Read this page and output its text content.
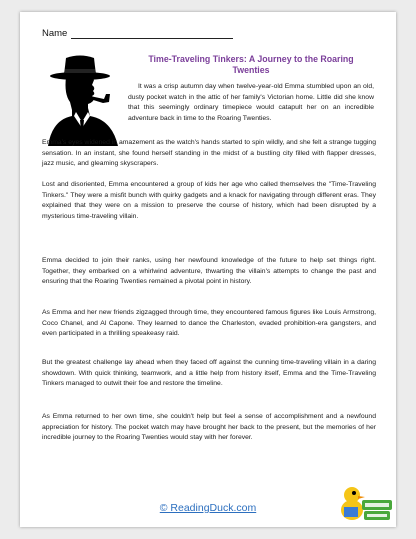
Name
Time-Traveling Tinkers: A Journey to the Roaring
Twenties

It was a crisp autumn day when twelve-year-old Emma stumbled upon an old, dusty pocket watch in the attic of her family's Victorian home. Little did she know that this seemingly ordinary timepiece would catapult her on an incredible adventure back in time to the Roaring Twenties.

Emma's eyes widened in amazement as the watch's hands started to spin wildly, and she felt a strange tugging sensation. In an instant, she found herself standing in the midst of a bustling city filled with flapper dresses, jazz music, and gleaming skyscrapers.

Lost and disoriented, Emma encountered a group of kids her age who called themselves the "Time-Traveling Tinkers." They were a misfit bunch with quirky gadgets and a knack for navigating through different eras. They explained that they were on a mission to preserve the course of history, which had been disrupted by a mysterious time-traveling villain.

Emma decided to join their ranks, using her newfound knowledge of the future to help set things right. Together, they embarked on a whirlwind adventure, thwarting the villain's attempts to change the past and ensuring that the Roaring Twenties remained a pivotal point in history.

As Emma and her new friends zigzagged through time, they encountered famous figures like Louis Armstrong, Coco Chanel, and Al Capone. They learned to dance the Charleston, evaded prohibition-era gangsters, and even participated in a thrilling speakeasy raid.

But the greatest challenge lay ahead when they faced off against the cunning time-traveling villain in a daring showdown. With quick thinking, teamwork, and a little help from history itself, Emma and the Time-Traveling Tinkers managed to outwit their foe and restore the timeline.

As Emma returned to her own time, she couldn't help but feel a sense of accomplishment and a newfound appreciation for history. The pocket watch may have brought her back to the present, but the memories of her incredible journey to the Roaring Twenties would stay with her forever.

© ReadingDuck.com
